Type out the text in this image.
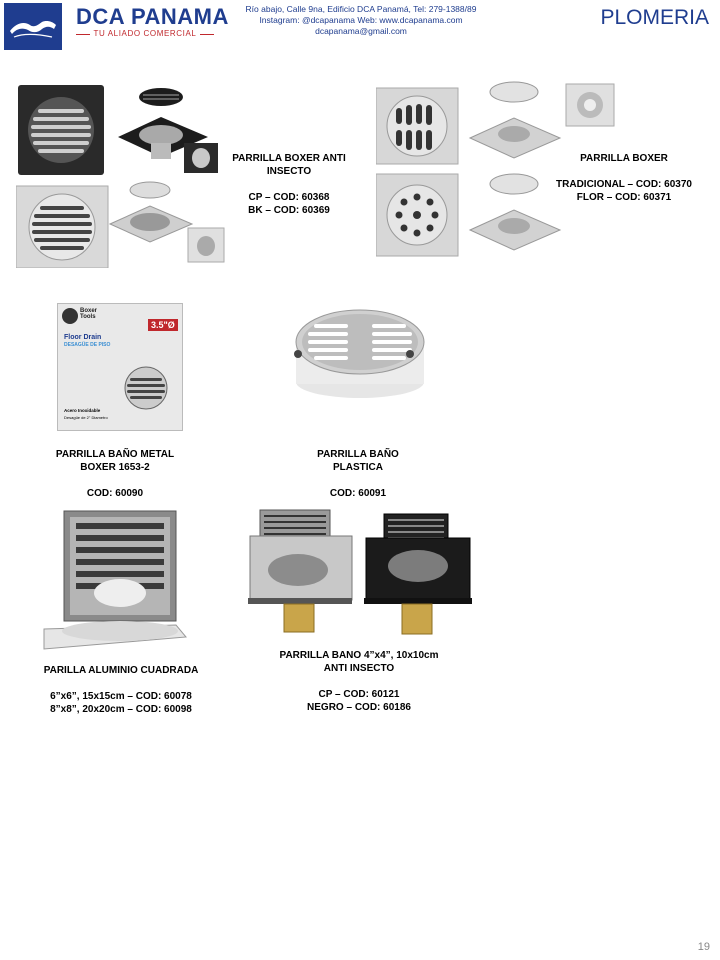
DCA PANAMA
TU ALIADO COMERCIAL
Río abajo, Calle 9na, Edificio DCA Panamá, Tel: 279-1388/89
Instagram: @dcapanama Web: www.dcapanama.com
dcapanama@gmail.com
PLOMERIA
PARRILLA BOXER ANTI INSECTO
CP – COD: 60368
BK – COD: 60369
PARRILLA BOXER
TRADICIONAL – COD: 60370
FLOR – COD: 60371
Boxer Tools
3.5"Ø
Floor Drain
DESAGÜE DE PISO
Acero Inoxidable
Desagüe de 2" Diametro
PARRILLA BAÑO METAL
BOXER 1653-2
COD: 60090
PARRILLA BAÑO
PLASTICA
COD: 60091
PARILLA ALUMINIO CUADRADA
6”x6”, 15x15cm – COD: 60078
8”x8”, 20x20cm – COD: 60098
PARRILLA BANO 4”x4”, 10x10cm
ANTI INSECTO
CP – COD: 60121
NEGRO – COD: 60186
19
